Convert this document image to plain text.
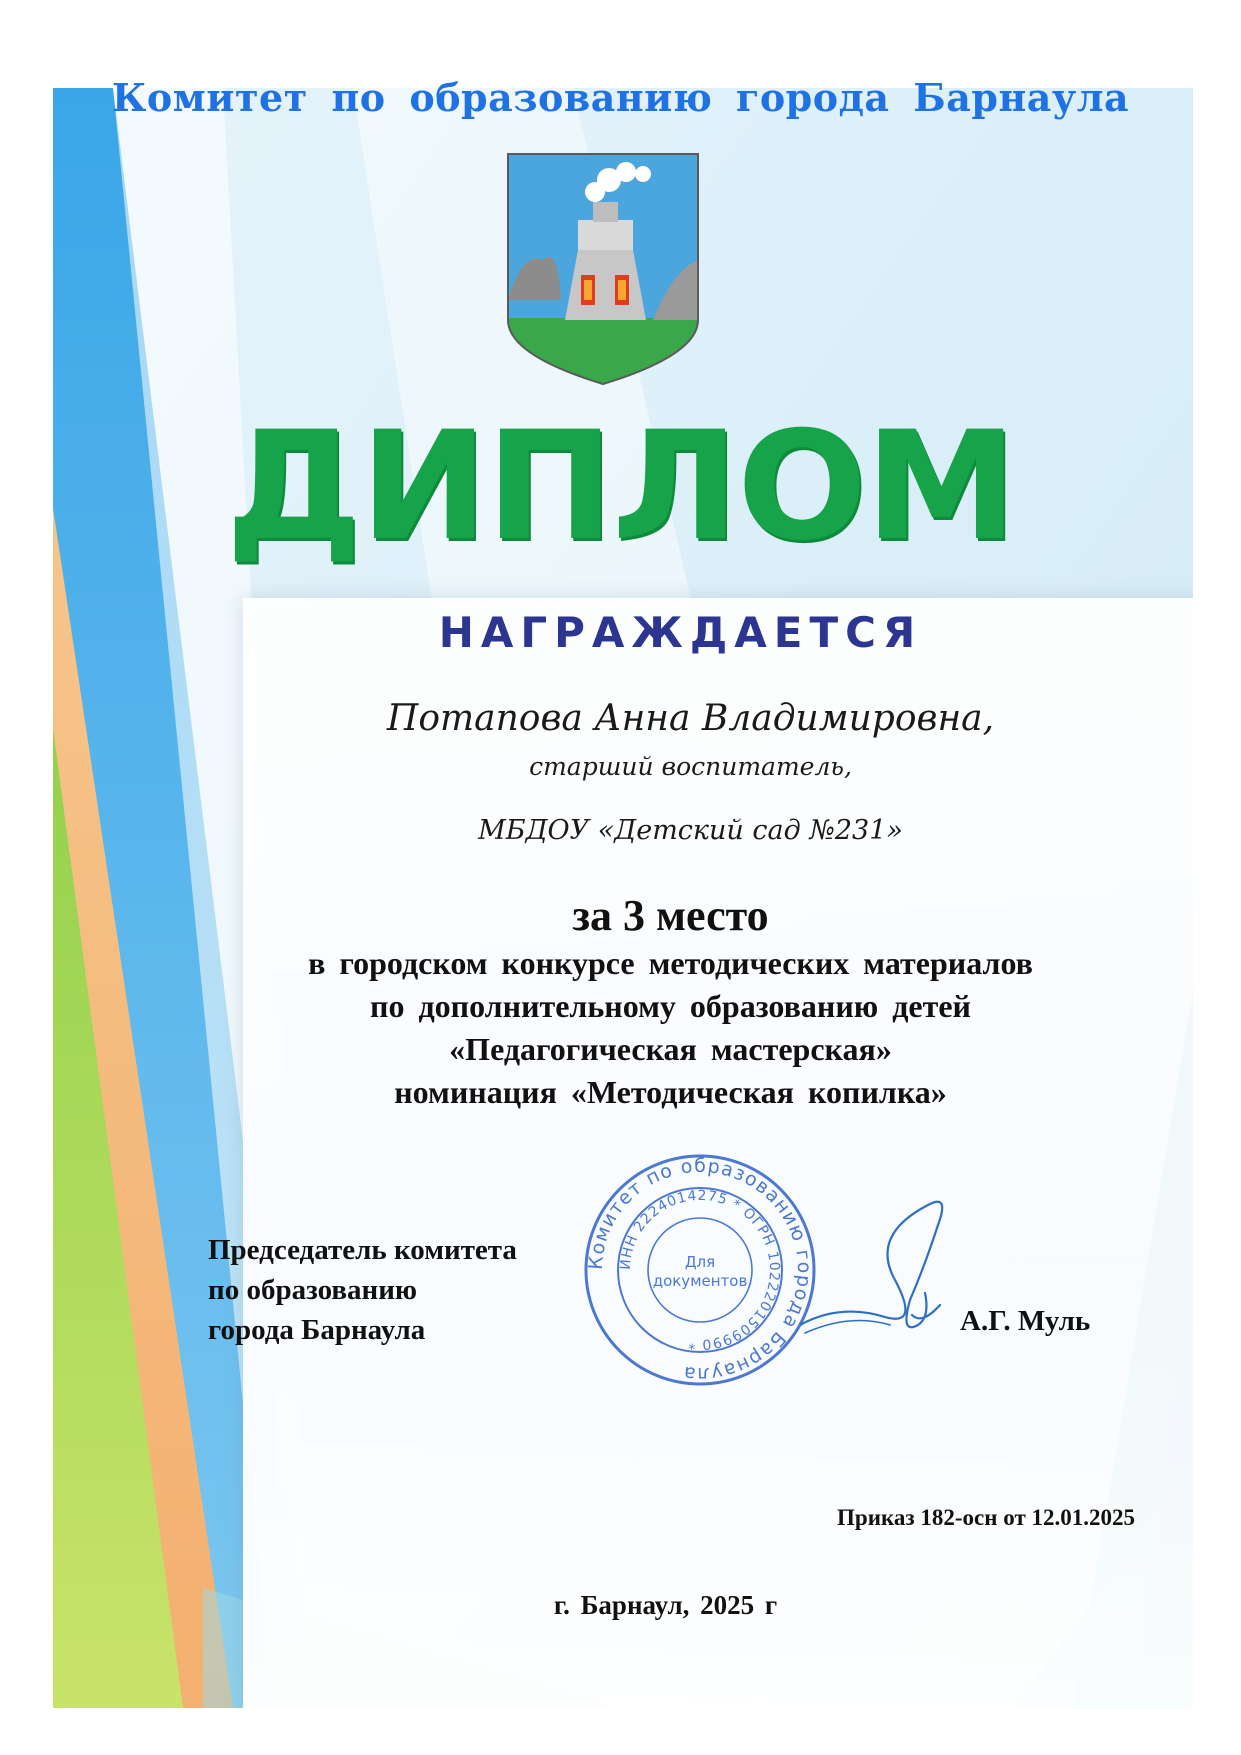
Комитет по образованию города Барнаула
ДИПЛОМ
НАГРАЖДАЕТСЯ
Потапова Анна Владимировна,
старший воспитатель,
МБДОУ «Детский сад №231»
за 3 место
в городском конкурсе методических материалов
по дополнительному образованию детей
«Педагогическая мастерская»
номинация «Методическая копилка»
Председатель комитета
по образованию
города Барнаула
Комитет по образованию города Барнаула
ИНН 2224014275 * ОГРН 1022201509990 *
Для
документов
А.Г. Муль
Приказ 182-осн от 12.01.2025
г. Барнаул, 2025 г
